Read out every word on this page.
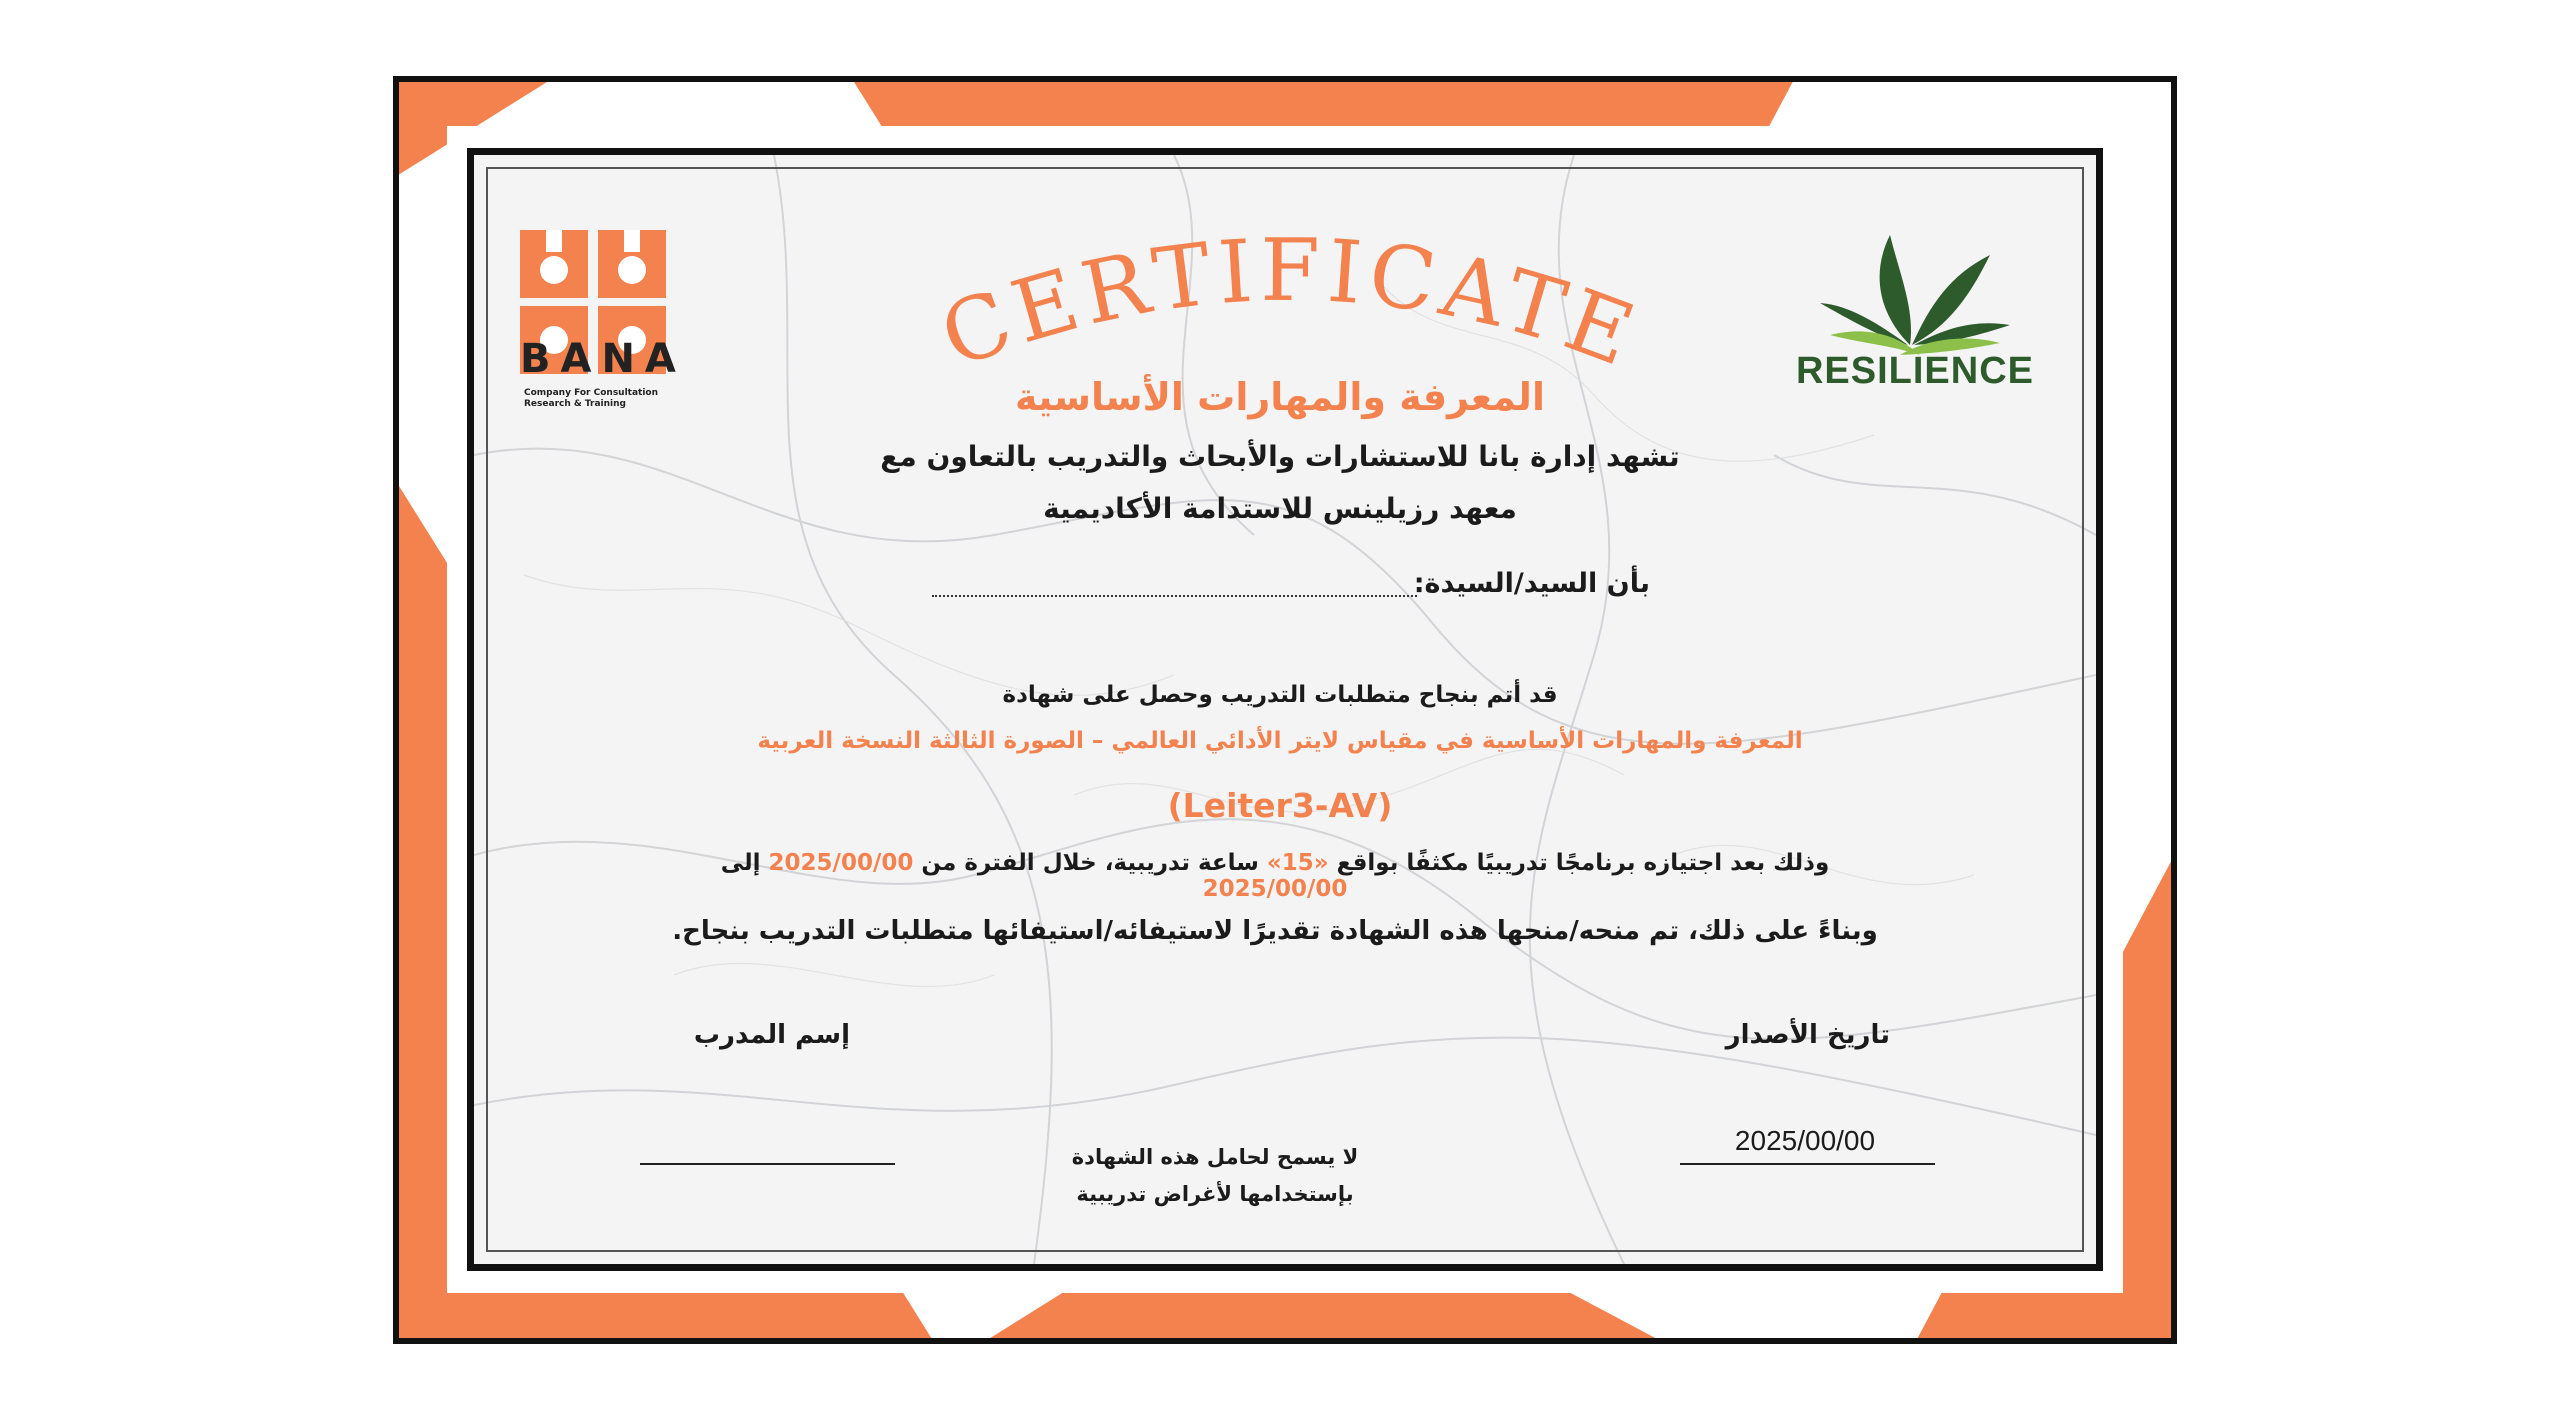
BANA
Company For Consultation
Research & Training
RESILIENCE
CERTIFICATE
المعرفة والمهارات الأساسية
تشهد إدارة بانا للاستشارات والأبحاث والتدريب بالتعاون مع
معهد رزيلينس للاستدامة الأكاديمية
بأن السيد/السيدة:
قد أتم بنجاح متطلبات التدريب وحصل على شهادة
المعرفة والمهارات الأساسية في مقياس لايتر الأدائي العالمي – الصورة الثالثة النسخة العربية
(Leiter3-AV)
وذلك بعد اجتيازه برنامجًا تدريبيًا مكثفًا بواقع «15» ساعة تدريبية، خلال الفترة من 2025/00/00 إلى 2025/00/00
وبناءً على ذلك، تم منحه/منحها هذه الشهادة تقديرًا لاستيفائه/استيفائها متطلبات التدريب بنجاح.
تاريخ الأصدار
إسم المدرب
2025/00/00
لا يسمح لحامل هذه الشهادة
بإستخدامها لأغراض تدريبية
